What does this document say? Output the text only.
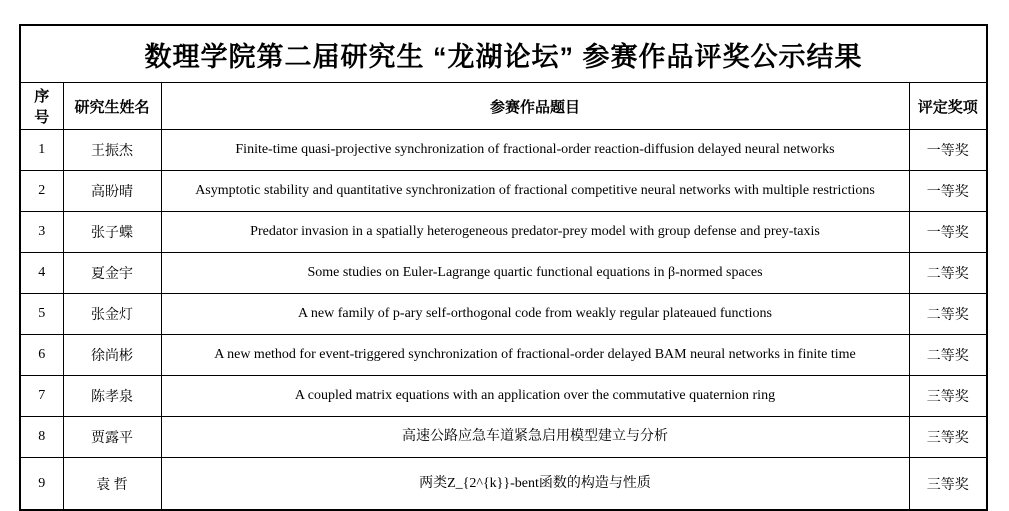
数理学院第二届研究生 “龙湖论坛” 参赛作品评奖公示结果			
序号	研究生姓名	参赛作品题目	评定奖项
1	王振杰	Finite-time quasi-projective synchronization of fractional-order reaction-diffusion delayed neural networks	一等奖
2	高盼晴	Asymptotic stability and quantitative synchronization of fractional competitive neural networks with multiple restrictions	一等奖
3	张子蝶	Predator invasion in a spatially heterogeneous predator-prey model with group defense and prey-taxis	一等奖
4	夏金宇	Some studies on Euler-Lagrange quartic functional equations in β-normed spaces	二等奖
5	张金灯	A new family of p-ary self-orthogonal code from weakly regular plateaued functions	二等奖
6	徐尚彬	A new method for event-triggered synchronization of fractional-order delayed BAM neural networks in finite time	二等奖
7	陈孝泉	A coupled matrix equations with an application over the commutative quaternion ring	三等奖
8	贾露平	高速公路应急车道紧急启用模型建立与分析	三等奖
9	袁 哲	两类Z_{2^{k}}-bent函数的构造与性质	三等奖
